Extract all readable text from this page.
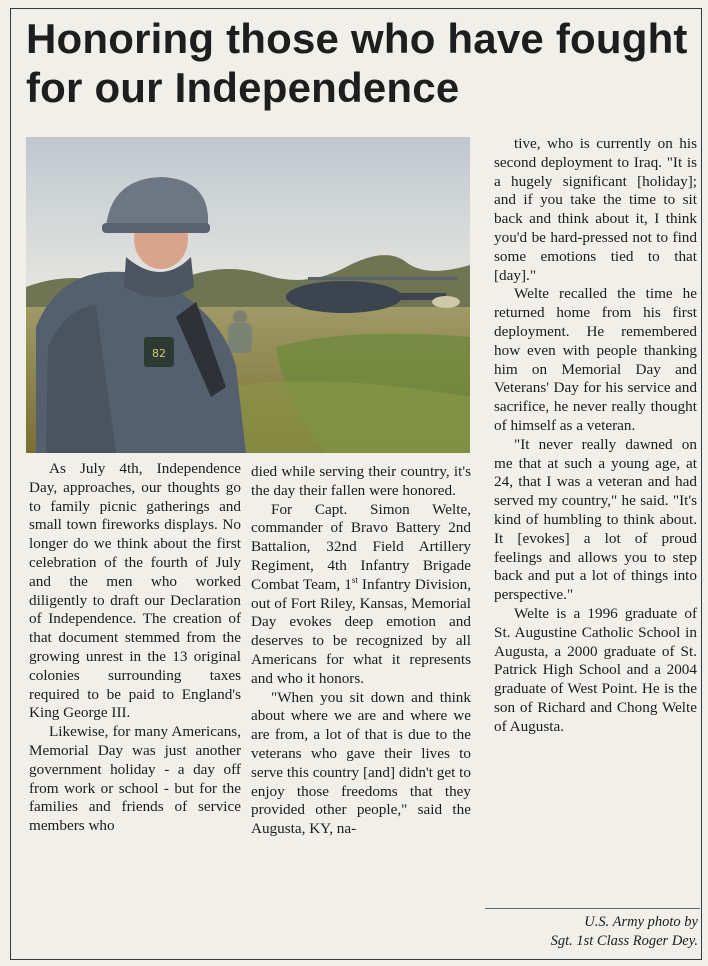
Honoring those who have fought for our Independence
82

As July 4th, Independence Day, approaches, our thoughts go to family picnic gatherings and small town fireworks displays. No longer do we think about the first celebration of the fourth of July and the men who worked diligently to draft our Declaration of Independence. The creation of that document stemmed from the growing unrest in the 13 original colonies surrounding taxes required to be paid to England's King George III.

Likewise, for many Americans, Memorial Day was just another government holiday - a day off from work or school - but for the families and friends of service members who

died while serving their country, it's the day their fallen were honored.

For Capt. Simon Welte, commander of Bravo Battery 2nd Battalion, 32nd Field Artillery Regiment, 4th Infantry Brigade Combat Team, 1st Infantry Division, out of Fort Riley, Kansas, Memorial Day evokes deep emotion and deserves to be recognized by all Americans for what it represents and who it honors.

"When you sit down and think about where we are and where we are from, a lot of that is due to the veterans who gave their lives to serve this country [and] didn't get to enjoy those freedoms that they provided other people," said the Augusta, KY, na-

tive, who is currently on his second deployment to Iraq. "It is a hugely significant [holiday]; and if you take the time to sit back and think about it, I think you'd be hard-pressed not to find some emotions tied to that [day]."

Welte recalled the time he returned home from his first deployment. He remembered how even with people thanking him on Memorial Day and Veterans' Day for his service and sacrifice, he never really thought of himself as a veteran.

"It never really dawned on me that at such a young age, at 24, that I was a veteran and had served my country," he said. "It's kind of humbling to think about. It [evokes] a lot of proud feelings and allows you to step back and put a lot of things into perspective."

Welte is a 1996 graduate of St. Augustine Catholic School in Augusta, a 2000 graduate of St. Patrick High School and a 2004 graduate of West Point. He is the son of Richard and Chong Welte of Augusta.

U.S. Army photo by
Sgt. 1st Class Roger Dey.
